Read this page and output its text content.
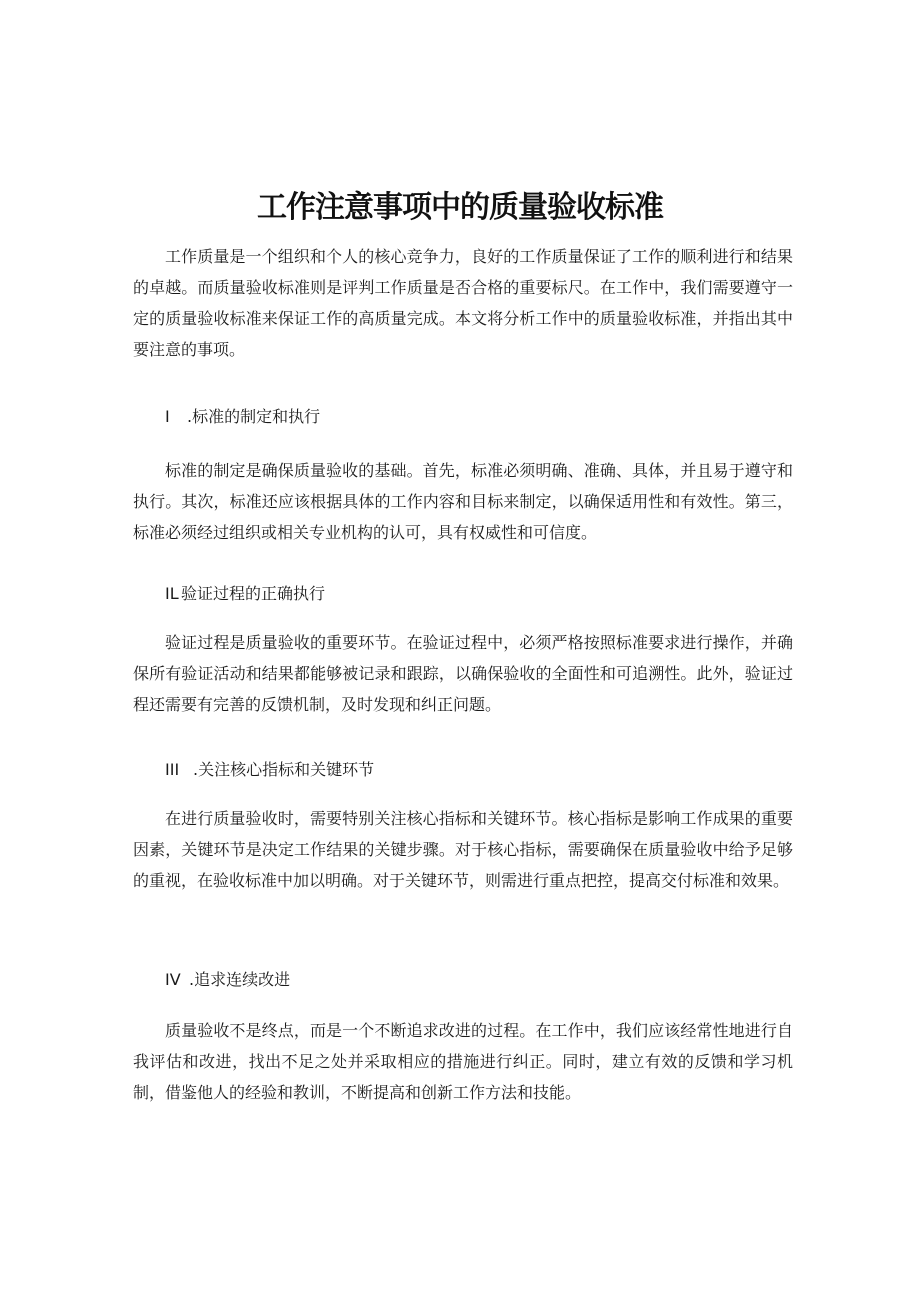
工作注意事项中的质量验收标准

工作质量是一个组织和个人的核心竞争力，良好的工作质量保证了工作的顺利进行和结果的卓越。而质量验收标准则是评判工作质量是否合格的重要标尺。在工作中，我们需要遵守一定的质量验收标准来保证工作的高质量完成。本文将分析工作中的质量验收标准，并指出其中要注意的事项。

I .标准的制定和执行

标准的制定是确保质量验收的基础。首先，标准必须明确、准确、具体，并且易于遵守和执行。其次，标准还应该根据具体的工作内容和目标来制定，以确保适用性和有效性。第三，标准必须经过组织或相关专业机构的认可，具有权威性和可信度。

IL 验证过程的正确执行

验证过程是质量验收的重要环节。在验证过程中，必须严格按照标准要求进行操作，并确保所有验证活动和结果都能够被记录和跟踪，以确保验收的全面性和可追溯性。此外，验证过程还需要有完善的反馈机制，及时发现和纠正问题。

III .关注核心指标和关键环节

在进行质量验收时，需要特别关注核心指标和关键环节。核心指标是影响工作成果的重要因素，关键环节是决定工作结果的关键步骤。对于核心指标，需要确保在质量验收中给予足够的重视，在验收标准中加以明确。对于关键环节，则需进行重点把控，提高交付标准和效果。

IV .追求连续改进

质量验收不是终点，而是一个不断追求改进的过程。在工作中，我们应该经常性地进行自我评估和改进，找出不足之处并采取相应的措施进行纠正。同时，建立有效的反馈和学习机制，借鉴他人的经验和教训，不断提高和创新工作方法和技能。
